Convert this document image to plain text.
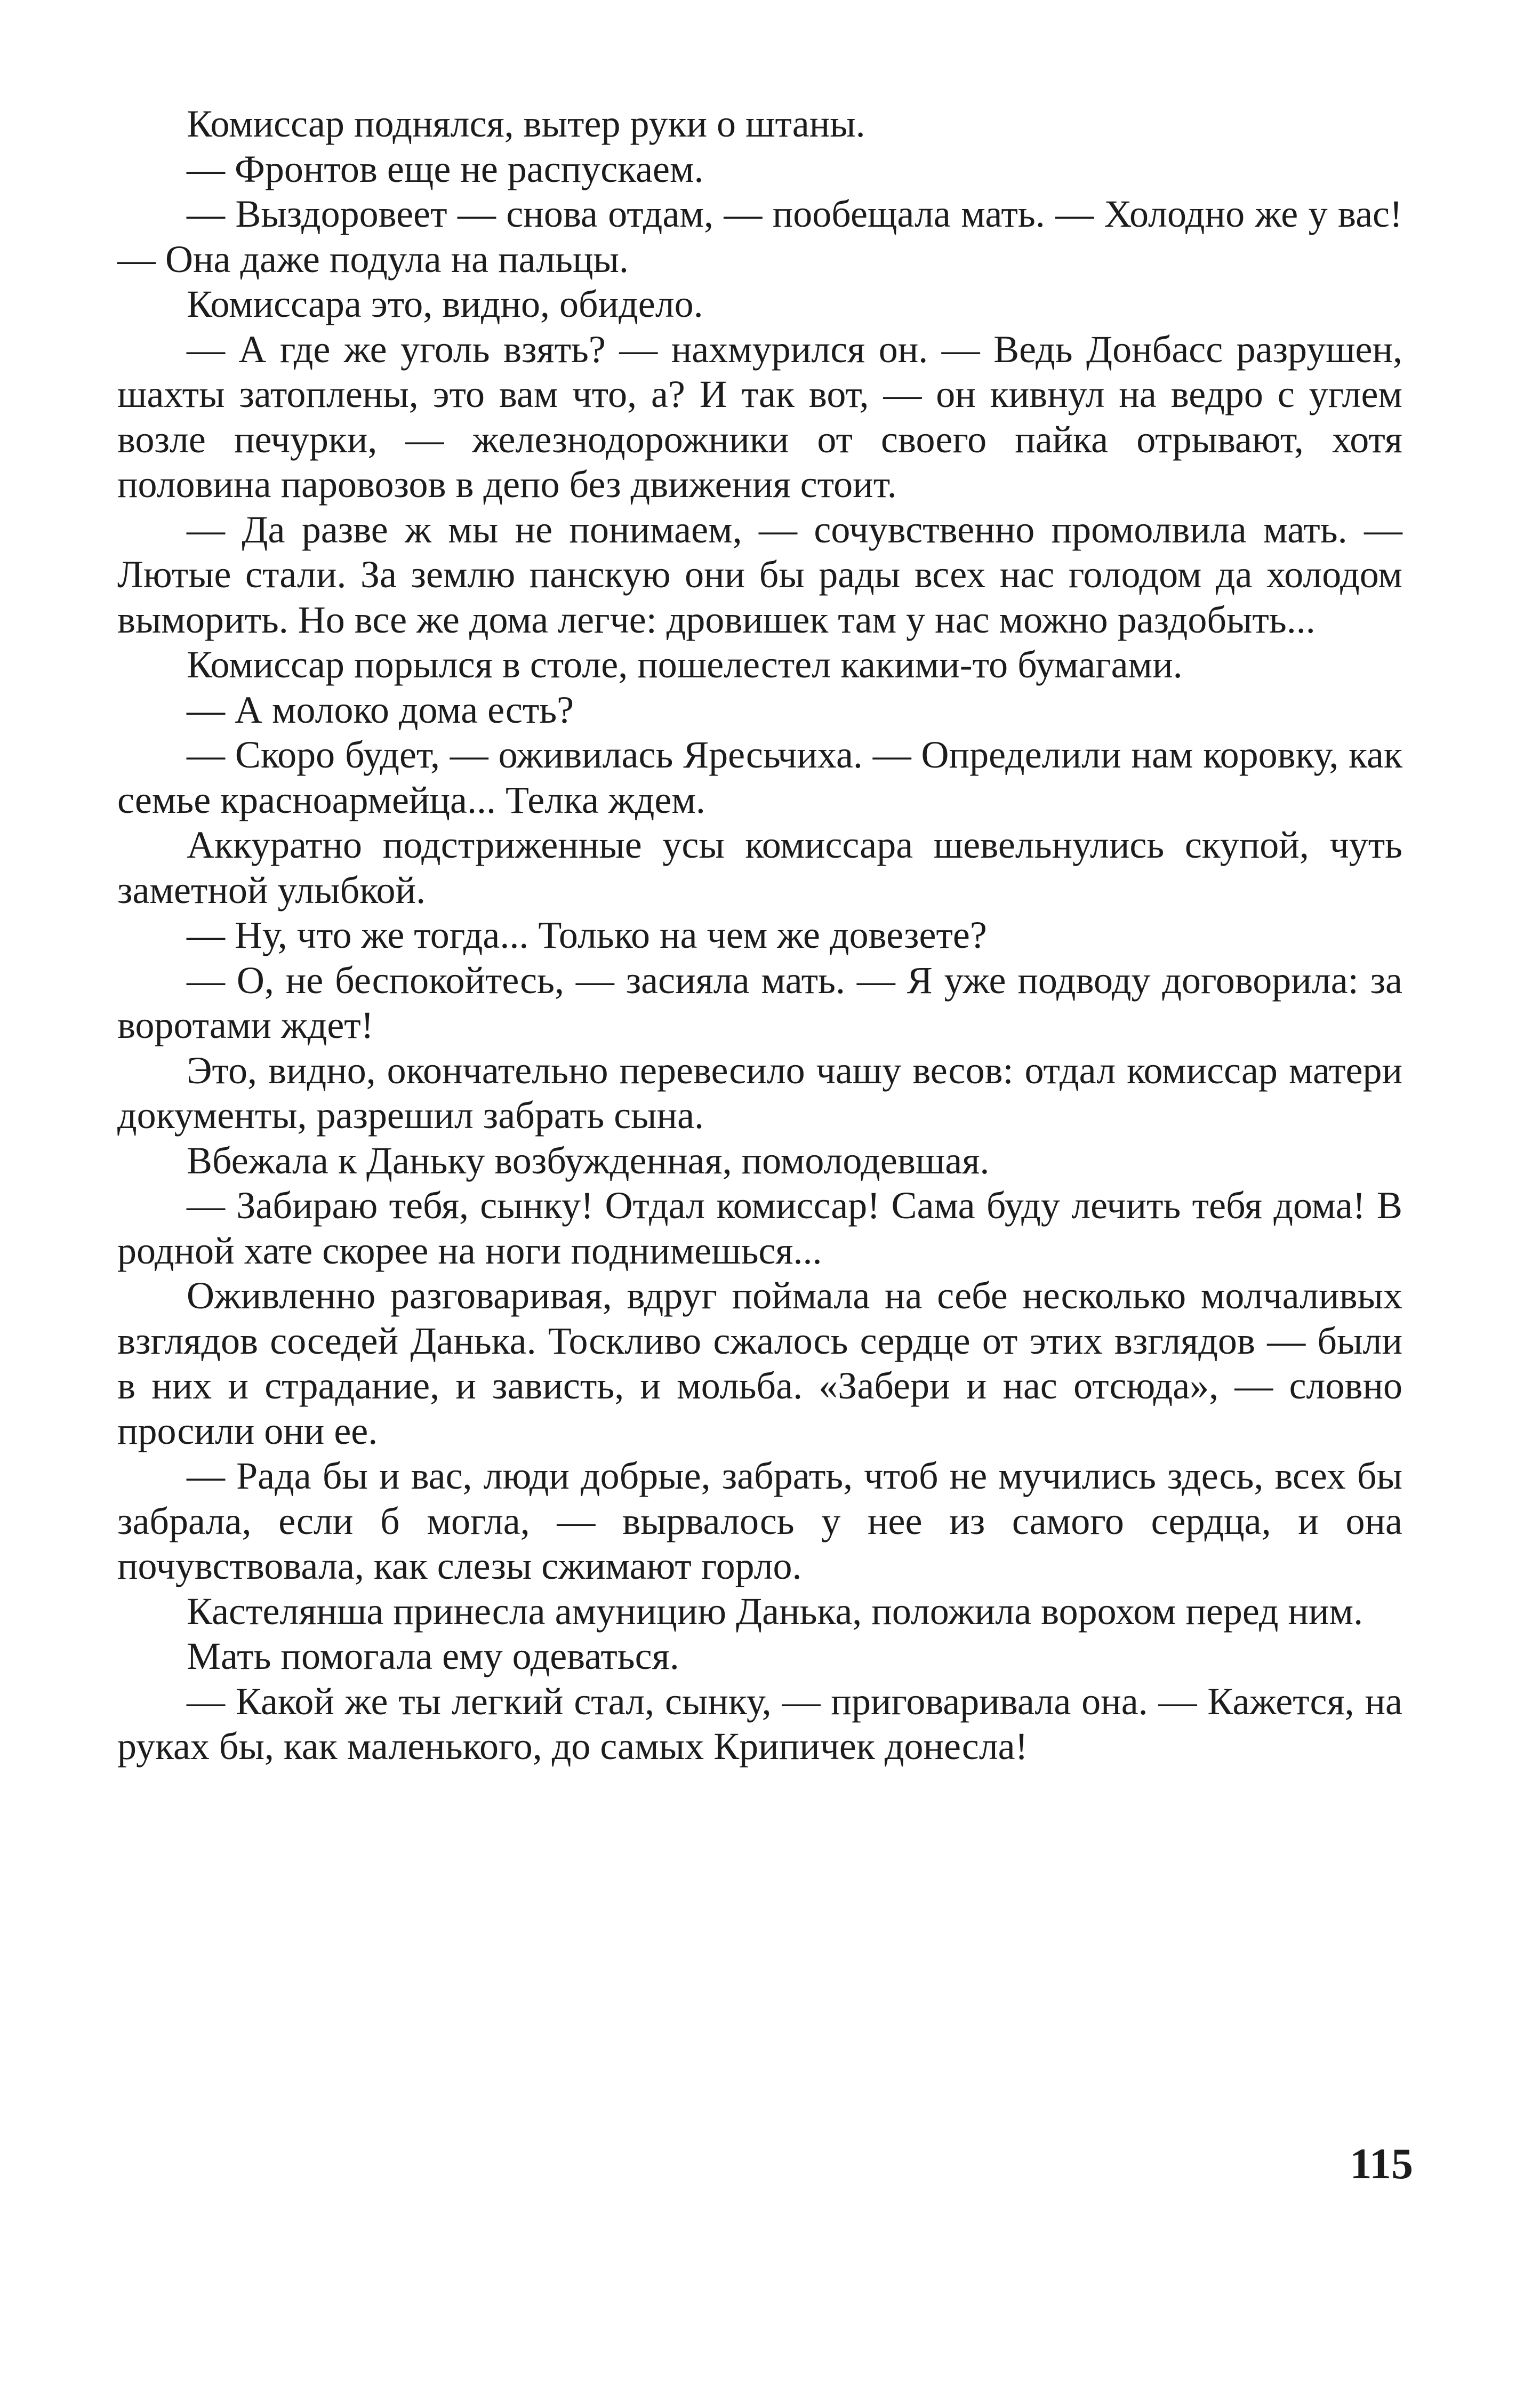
Комиссар поднялся, вытер руки о штаны.

— Фронтов еще не распускаем.

— Выздоровеет — снова отдам, — пообещала мать. — Холодно же у вас! — Она даже подула на пальцы.

Комиссара это, видно, обидело.

— А где же уголь взять? — нахмурился он. — Ведь Донбасс разрушен, шахты затоплены, это вам что, а? И так вот, — он кивнул на ведро с углем возле печурки, — железнодорожники от своего пайка отрывают, хотя половина паровозов в депо без движения стоит.

— Да разве ж мы не понимаем, — сочувственно промолвила мать. — Лютые стали. За землю панскую они бы рады всех нас голодом да холодом выморить. Но все же дома легче: дровишек там у нас можно раздобыть...

Комиссар порылся в столе, пошелестел какими-то бумагами.

— А молоко дома есть?

— Скоро будет, — оживилась Яресьчиха. — Определили нам коровку, как семье красноармейца... Телка ждем.

Аккуратно подстриженные усы комиссара шевельнулись скупой, чуть заметной улыбкой.

— Ну, что же тогда... Только на чем же довезете?

— О, не беспокойтесь, — засияла мать. — Я уже подводу договорила: за воротами ждет!

Это, видно, окончательно перевесило чашу весов: отдал комиссар матери документы, разрешил забрать сына.

Вбежала к Даньку возбужденная, помолодевшая.

— Забираю тебя, сынку! Отдал комиссар! Сама буду лечить тебя дома! В родной хате скорее на ноги поднимешься...

Оживленно разговаривая, вдруг поймала на себе несколько молчаливых взглядов соседей Данька. Тоскливо сжалось сердце от этих взглядов — были в них и страдание, и зависть, и мольба. «Забери и нас отсюда», — словно просили они ее.

— Рада бы и вас, люди добрые, забрать, чтоб не мучились здесь, всех бы забрала, если б могла, — вырвалось у нее из самого сердца, и она почувствовала, как слезы сжимают горло.

Кастелянша принесла амуницию Данька, положила ворохом перед ним.

Мать помогала ему одеваться.

— Какой же ты легкий стал, сынку, — приговаривала она. — Кажется, на руках бы, как маленького, до самых Крипичек донесла!

115
